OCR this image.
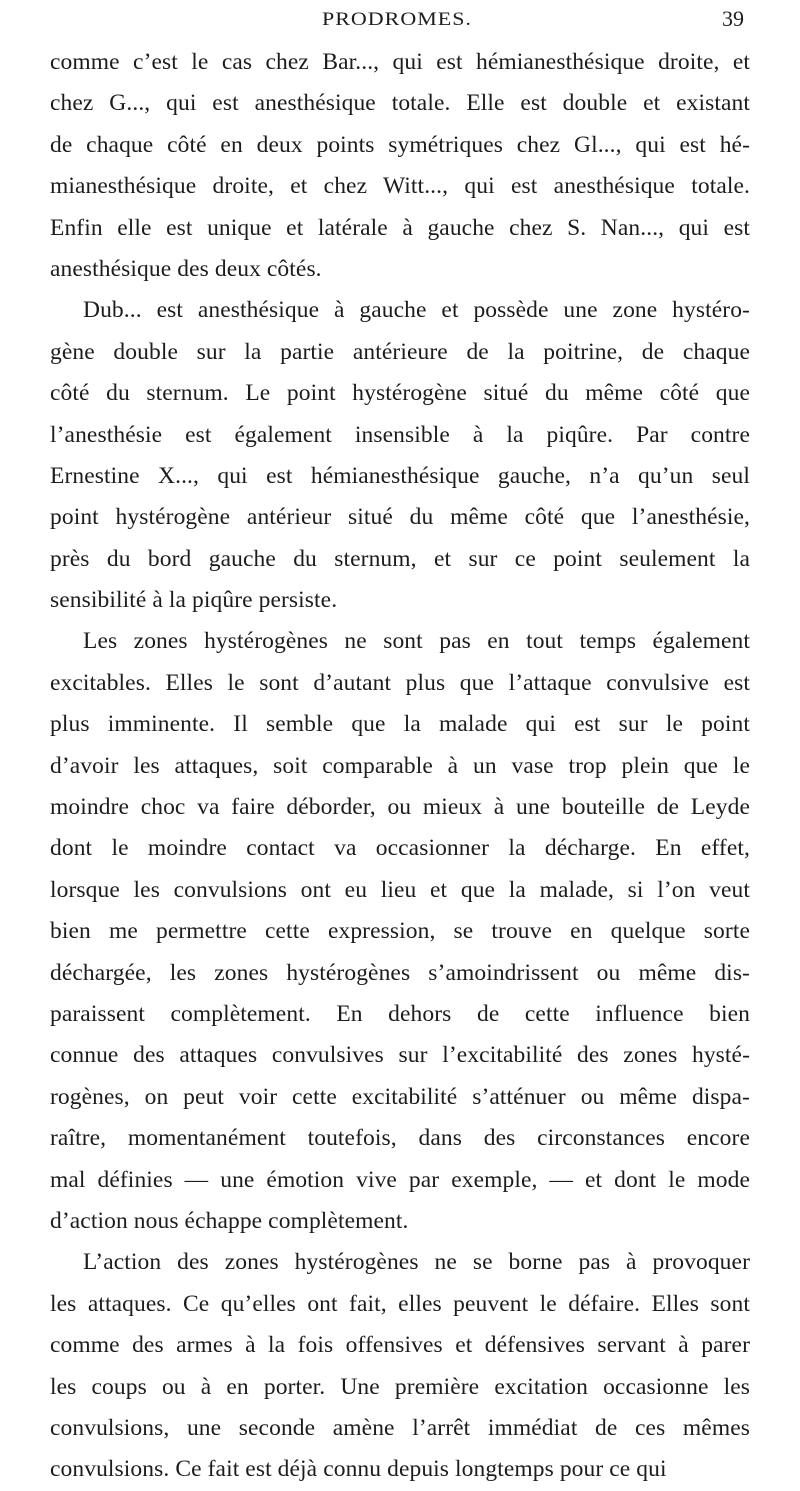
PRODROMES.	39
comme c’est le cas chez Bar..., qui est hémianesthésique droite, et
chez G..., qui est anesthésique totale. Elle est double et existant
de chaque côté en deux points symétriques chez Gl..., qui est hé-
mianesthésique droite, et chez Witt..., qui est anesthésique totale.
Enfin elle est unique et latérale à gauche chez S. Nan..., qui est
anesthésique des deux côtés.
Dub... est anesthésique à gauche et possède une zone hystéro-
gène double sur la partie antérieure de la poitrine, de chaque
côté du sternum. Le point hystérogène situé du même côté que
l’anesthésie est également insensible à la piqûre. Par contre
Ernestine X..., qui est hémianesthésique gauche, n’a qu’un seul
point hystérogène antérieur situé du même côté que l’anesthésie,
près du bord gauche du sternum, et sur ce point seulement la
sensibilité à la piqûre persiste.
Les zones hystérogènes ne sont pas en tout temps également
excitables. Elles le sont d’autant plus que l’attaque convulsive est
plus imminente. Il semble que la malade qui est sur le point
d’avoir les attaques, soit comparable à un vase trop plein que le
moindre choc va faire déborder, ou mieux à une bouteille de Leyde
dont le moindre contact va occasionner la décharge. En effet,
lorsque les convulsions ont eu lieu et que la malade, si l’on veut
bien me permettre cette expression, se trouve en quelque sorte
déchargée, les zones hystérogènes s’amoindrissent ou même dis-
paraissent complètement. En dehors de cette influence bien
connue des attaques convulsives sur l’excitabilité des zones hysté-
rogènes, on peut voir cette excitabilité s’atténuer ou même dispa-
raître, momentanément toutefois, dans des circonstances encore
mal définies — une émotion vive par exemple, — et dont le mode
d’action nous échappe complètement.
L’action des zones hystérogènes ne se borne pas à provoquer
les attaques. Ce qu’elles ont fait, elles peuvent le défaire. Elles sont
comme des armes à la fois offensives et défensives servant à parer
les coups ou à en porter. Une première excitation occasionne les
convulsions, une seconde amène l’arrêt immédiat de ces mêmes
convulsions. Ce fait est déjà connu depuis longtemps pour ce qui
